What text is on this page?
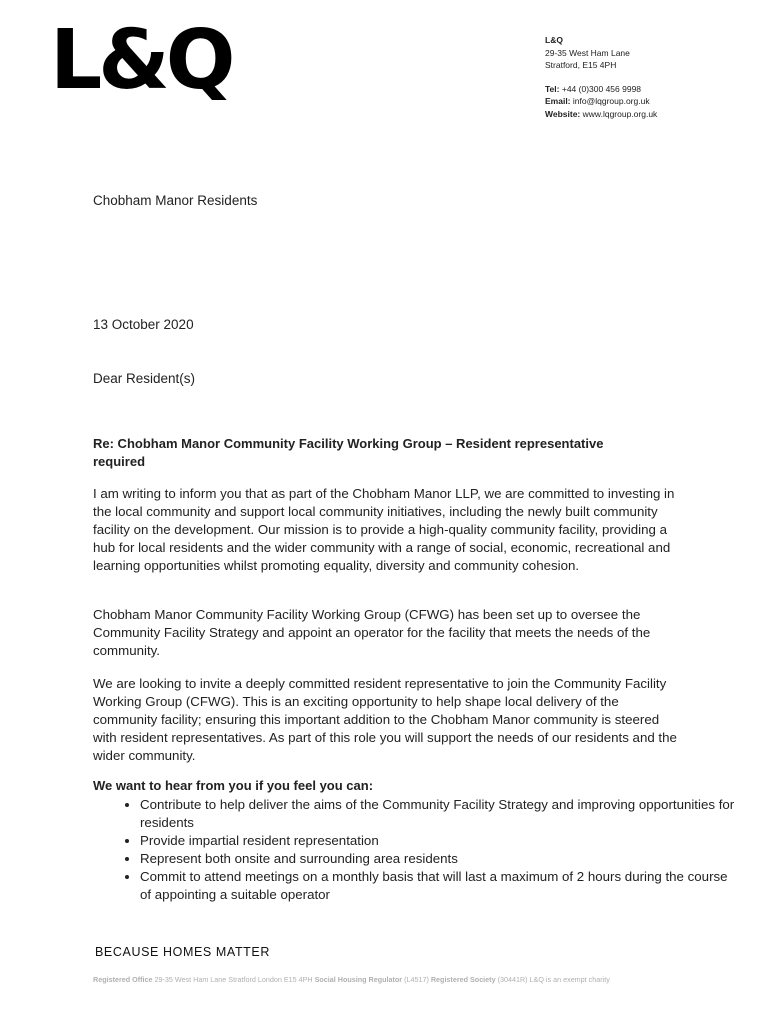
L&Q	L&Q
29-35 West Ham Lane
Stratford, E15 4PH
Tel: +44 (0)300 456 9998
Email: info@lqgroup.org.uk
Website: www.lqgroup.org.uk
Chobham Manor Residents
13 October 2020
Dear Resident(s)
Re: Chobham Manor Community Facility Working Group – Resident representative required
I am writing to inform you that as part of the Chobham Manor LLP, we are committed to investing in the local community and support local community initiatives, including the newly built community facility on the development. Our mission is to provide a high-quality community facility, providing a hub for local residents and the wider community with a range of social, economic, recreational and learning opportunities whilst promoting equality, diversity and community cohesion.
Chobham Manor Community Facility Working Group (CFWG) has been set up to oversee the Community Facility Strategy and appoint an operator for the facility that meets the needs of the community.
We are looking to invite a deeply committed resident representative to join the Community Facility Working Group (CFWG). This is an exciting opportunity to help shape local delivery of the community facility; ensuring this important addition to the Chobham Manor community is steered with resident representatives. As part of this role you will support the needs of our residents and the wider community.
We want to hear from you if you feel you can:
• Contribute to help deliver the aims of the Community Facility Strategy and improving opportunities for residents
• Provide impartial resident representation
• Represent both onsite and surrounding area residents
• Commit to attend meetings on a monthly basis that will last a maximum of 2 hours during the course of appointing a suitable operator
BECAUSE HOMES MATTER
Registered Office 29-35 West Ham Lane Stratford London E15 4PH Social Housing Regulator (L4517) Registered Society (30441R) L&Q is an exempt charity
